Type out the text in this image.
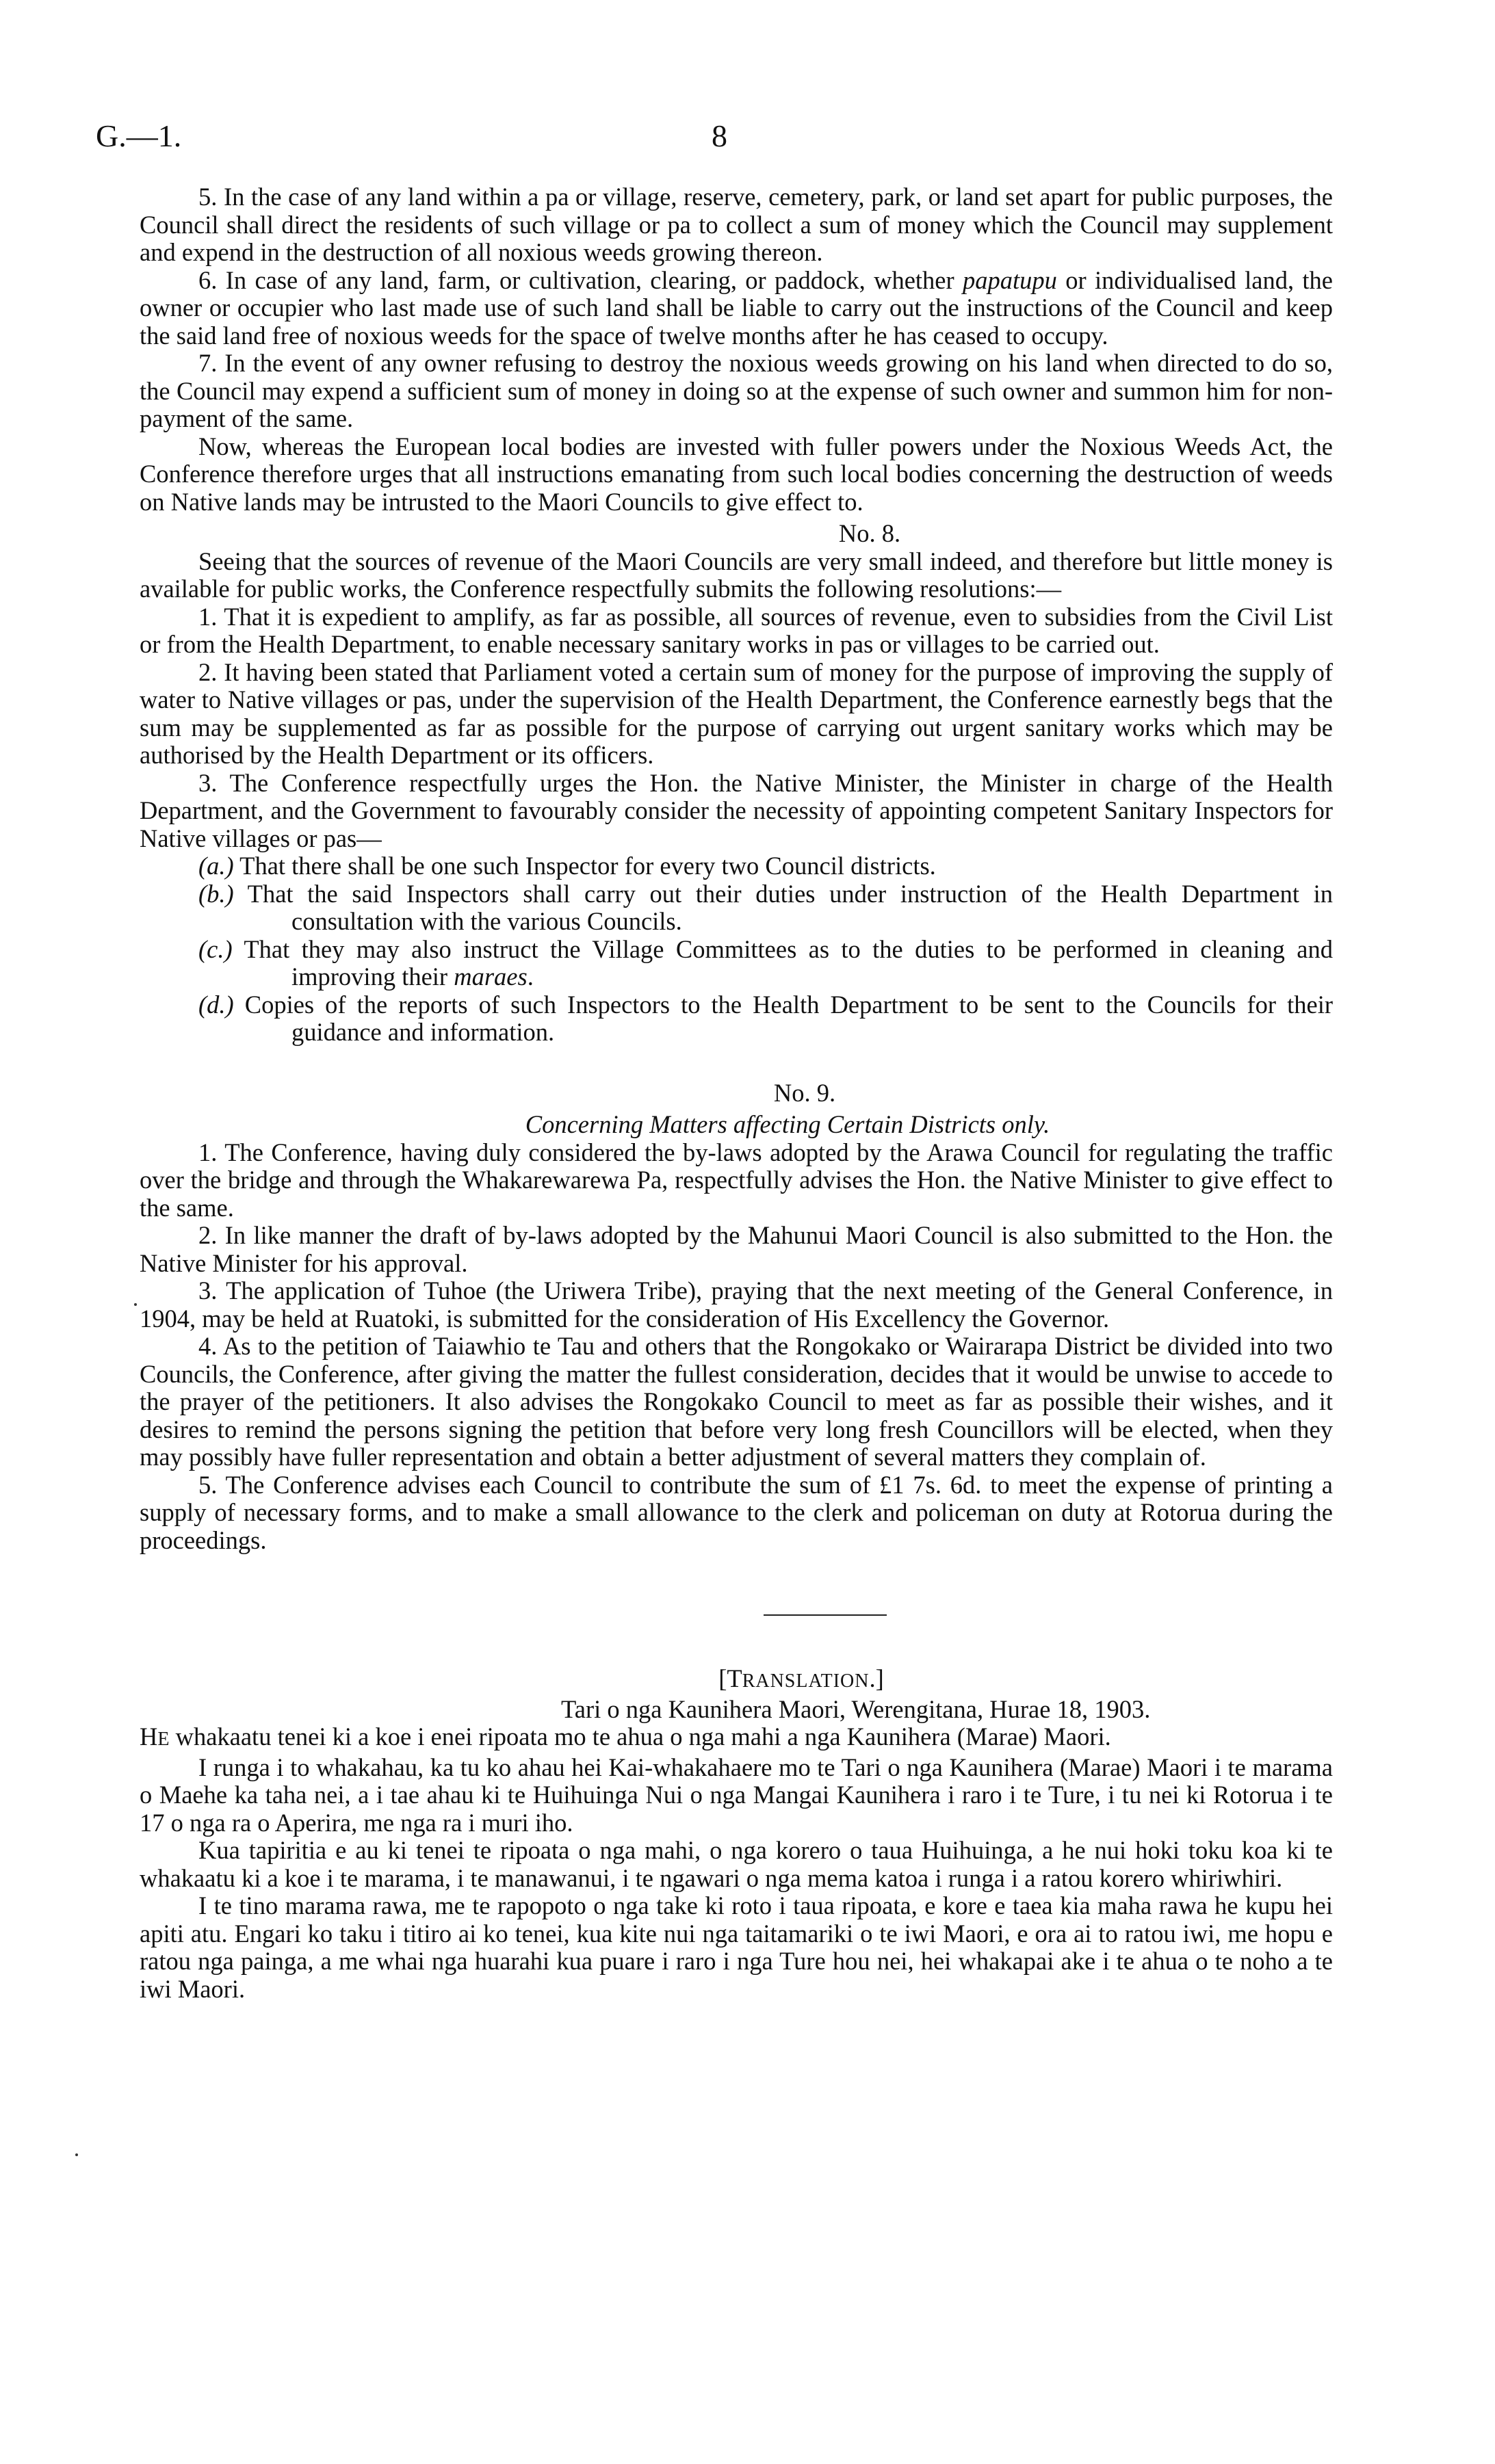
G.—1.	8

5. In the case of any land within a pa or village, reserve, cemetery, park, or land set apart for public purposes, the Council shall direct the residents of such village or pa to collect a sum of money which the Council may supplement and expend in the destruction of all noxious weeds growing thereon.

6. In case of any land, farm, or cultivation, clearing, or paddock, whether papatupu or individualised land, the owner or occupier who last made use of such land shall be liable to carry out the instructions of the Council and keep the said land free of noxious weeds for the space of twelve months after he has ceased to occupy.

7. In the event of any owner refusing to destroy the noxious weeds growing on his land when directed to do so, the Council may expend a sufficient sum of money in doing so at the expense of such owner and summon him for non-payment of the same.

Now, whereas the European local bodies are invested with fuller powers under the Noxious Weeds Act, the Conference therefore urges that all instructions emanating from such local bodies concerning the destruction of weeds on Native lands may be intrusted to the Maori Councils to give effect to.

No. 8.

Seeing that the sources of revenue of the Maori Councils are very small indeed, and therefore but little money is available for public works, the Conference respectfully submits the following resolutions:—

1. That it is expedient to amplify, as far as possible, all sources of revenue, even to subsidies from the Civil List or from the Health Department, to enable necessary sanitary works in pas or villages to be carried out.

2. It having been stated that Parliament voted a certain sum of money for the purpose of improving the supply of water to Native villages or pas, under the supervision of the Health Department, the Conference earnestly begs that the sum may be supplemented as far as possible for the purpose of carrying out urgent sanitary works which may be authorised by the Health Department or its officers.

3. The Conference respectfully urges the Hon. the Native Minister, the Minister in charge of the Health Department, and the Government to favourably consider the necessity of appointing competent Sanitary Inspectors for Native villages or pas—

(a.) That there shall be one such Inspector for every two Council districts.
(b.) That the said Inspectors shall carry out their duties under instruction of the Health Department in consultation with the various Councils.
(c.) That they may also instruct the Village Committees as to the duties to be performed in cleaning and improving their maraes.
(d.) Copies of the reports of such Inspectors to the Health Department to be sent to the Councils for their guidance and information.
No. 9.
Concerning Matters affecting Certain Districts only.

1. The Conference, having duly considered the by-laws adopted by the Arawa Council for regulating the traffic over the bridge and through the Whakarewarewa Pa, respectfully advises the Hon. the Native Minister to give effect to the same.

2. In like manner the draft of by-laws adopted by the Mahunui Maori Council is also submitted to the Hon. the Native Minister for his approval.

3. The application of Tuhoe (the Uriwera Tribe), praying that the next meeting of the General Conference, in 1904, may be held at Ruatoki, is submitted for the consideration of His Excellency the Governor.

4. As to the petition of Taiawhio te Tau and others that the Rongokako or Wairarapa District be divided into two Councils, the Conference, after giving the matter the fullest consideration, decides that it would be unwise to accede to the prayer of the petitioners. It also advises the Rongokako Council to meet as far as possible their wishes, and it desires to remind the persons signing the petition that before very long fresh Councillors will be elected, when they may possibly have fuller representation and obtain a better adjustment of several matters they complain of.

5. The Conference advises each Council to contribute the sum of £1 7s. 6d. to meet the expense of printing a supply of necessary forms, and to make a small allowance to the clerk and policeman on duty at Rotorua during the proceedings.

[TRANSLATION.]
Tari o nga Kaunihera Maori, Werengitana, Hurae 18, 1903.

HE whakaatu tenei ki a koe i enei ripoata mo te ahua o nga mahi a nga Kaunihera (Marae) Maori.

I runga i to whakahau, ka tu ko ahau hei Kai-whakahaere mo te Tari o nga Kaunihera (Marae) Maori i te marama o Maehe ka taha nei, a i tae ahau ki te Huihuinga Nui o nga Mangai Kaunihera i raro i te Ture, i tu nei ki Rotorua i te 17 o nga ra o Aperira, me nga ra i muri iho.

Kua tapiritia e au ki tenei te ripoata o nga mahi, o nga korero o taua Huihuinga, a he nui hoki toku koa ki te whakaatu ki a koe i te marama, i te manawanui, i te ngawari o nga mema katoa i runga i a ratou korero whiriwhiri.

I te tino marama rawa, me te rapopoto o nga take ki roto i taua ripoata, e kore e taea kia maha rawa he kupu hei apiti atu. Engari ko taku i titiro ai ko tenei, kua kite nui nga taitamariki o te iwi Maori, e ora ai to ratou iwi, me hopu e ratou nga painga, a me whai nga huarahi kua puare i raro i nga Ture hou nei, hei whakapai ake i te ahua o te noho a te iwi Maori.
